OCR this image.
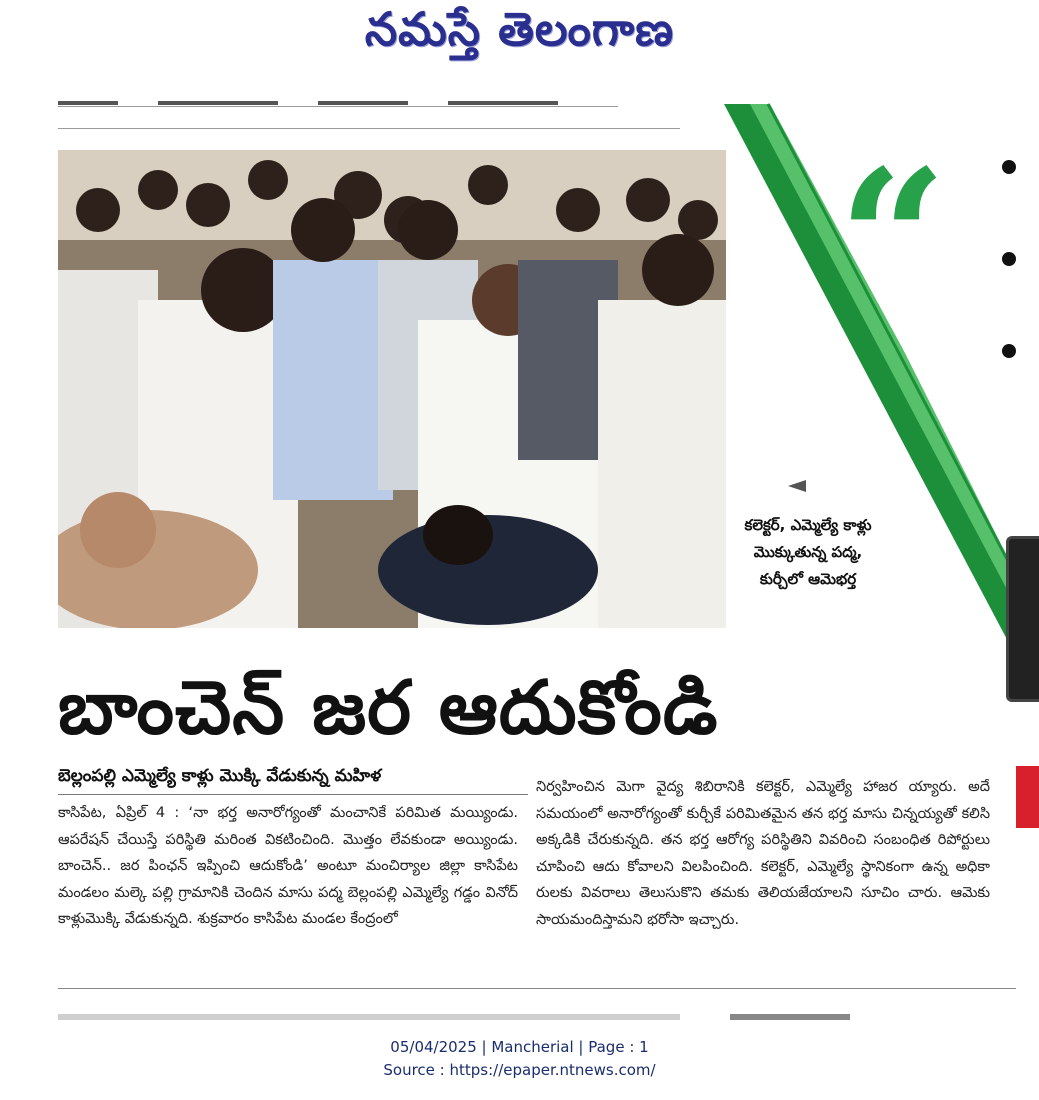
నమస్తే తెలంగాణ
“
కలెక్టర్, ఎమ్మెల్యే కాళ్లు మొక్కుతున్న పద్మ, కుర్చీలో ఆమెభర్త
బాంచెన్ జర ఆదుకోండి
బెల్లంపల్లి ఎమ్మెల్యే కాళ్లు మొక్కి వేడుకున్న మహిళ
కాసిపేట, ఏప్రిల్ 4 : ‘నా భర్త అనారోగ్యంతో మంచానికే పరిమిత మయ్యిండు. ఆపరేషన్ చేయిస్తే పరిస్థితి మరింత వికటించింది. మొత్తం లేవకుండా అయ్యిండు. బాంచెన్.. జర పింఛన్ ఇప్పించి ఆదుకోండి’ అంటూ మంచిర్యాల జిల్లా కాసిపేట మండలం మల్కె పల్లి గ్రామానికి చెందిన మాసు పద్మ బెల్లంపల్లి ఎమ్మెల్యే గడ్డం వినోద్ కాళ్లుమొక్కి వేడుకున్నది. శుక్రవారం కాసిపేట మండల కేంద్రంలో
నిర్వహించిన మెగా వైద్య శిబిరానికి కలెక్టర్, ఎమ్మెల్యే హాజర య్యారు. అదే సమయంలో అనారోగ్యంతో కుర్చీకే పరిమితమైన తన భర్త మాసు చిన్నయ్యతో కలిసి అక్కడికి చేరుకున్నది. తన భర్త ఆరోగ్య పరిస్థితిని వివరించి సంబంధిత రిపోర్టులు చూపించి ఆదు కోవాలని విలపించింది. కలెక్టర్, ఎమ్మెల్యే స్థానికంగా ఉన్న అధికా రులకు వివరాలు తెలుసుకొని తమకు తెలియజేయాలని సూచిం చారు. ఆమెకు సాయమందిస్తామని భరోసా ఇచ్చారు.
05/04/2025 | Mancherial | Page : 1
Source : https://epaper.ntnews.com/
